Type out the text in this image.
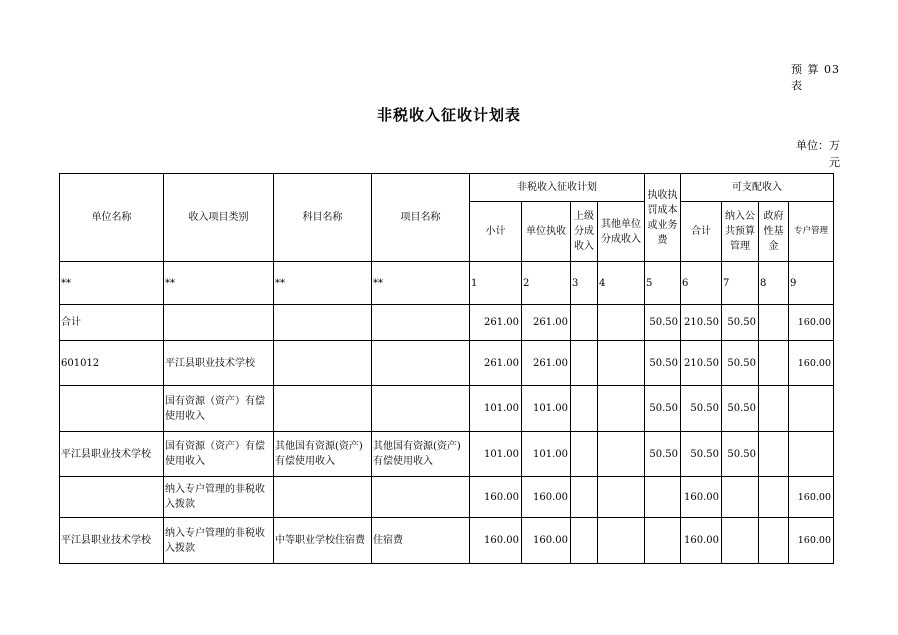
预 算 03 表
非税收入征收计划表
单位：万元
单位名称	收入项目类别	科目名称	项目名称	非税收入征收计划				执收执罚成本或业务费	可支配收入			
				小计	单位执收	上级分成收入	其他单位分成收入		合计	纳入公共预算管理	政府性基金	专户管理
**	**	**	**	1	2	3	4	5	6	7	8	9
合计				261.00	261.00			50.50	210.50	50.50		160.00
601012	平江县职业技术学校			261.00	261.00			50.50	210.50	50.50		160.00
	国有资源（资产）有偿使用收入			101.00	101.00			50.50	50.50	50.50		
平江县职业技术学校	国有资源（资产）有偿使用收入	其他国有资源(资产)有偿使用收入	其他国有资源(资产)有偿使用收入	101.00	101.00			50.50	50.50	50.50		
	纳入专户管理的非税收入拨款			160.00	160.00				160.00			160.00
平江县职业技术学校	纳入专户管理的非税收入拨款	中等职业学校住宿费	住宿费	160.00	160.00				160.00			160.00
